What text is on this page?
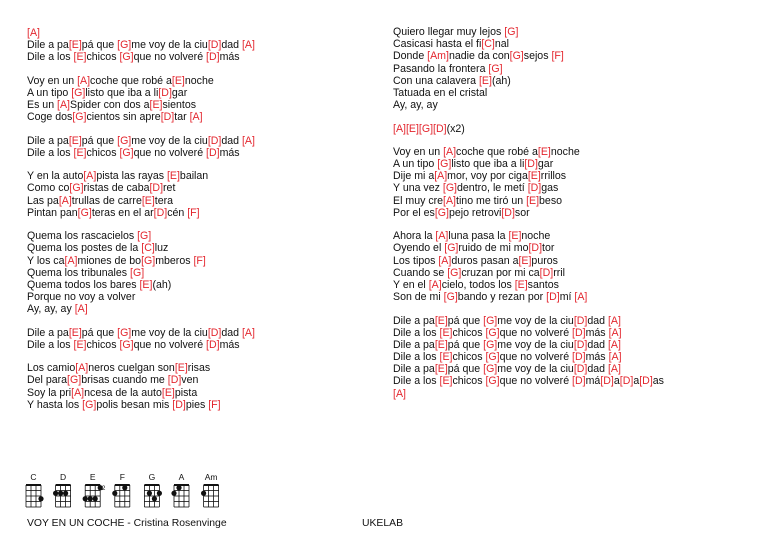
[A]
Dile a pa[E]pá que [G]me voy de la ciu[D]dad [A]
Dile a los [E]chicos [G]que no volveré [D]más
Voy en un [A]coche que robé a[E]noche
A un tipo [G]listo que iba a li[D]gar
Es un [A]Spider con dos a[E]sientos
Coge dos[G]cientos sin apre[D]tar [A]
Dile a pa[E]pá que [G]me voy de la ciu[D]dad [A]
Dile a los [E]chicos [G]que no volveré [D]más
Y en la auto[A]pista las rayas [E]bailan
Como co[G]ristas de caba[D]ret
Las pa[A]trullas de carre[E]tera
Pintan pan[G]teras en el ar[D]cén [F]
Quema los rascacielos [G]
Quema los postes de la [C]luz
Y los ca[A]miones de bo[G]mberos [F]
Quema los tribunales [G]
Quema todos los bares [E](ah)
Porque no voy a volver
Ay, ay, ay [A]
Dile a pa[E]pá que [G]me voy de la ciu[D]dad [A]
Dile a los [E]chicos [G]que no volveré [D]más
Los camio[A]neros cuelgan son[E]risas
Del para[G]brisas cuando me [D]ven
Soy la pri[A]ncesa de la auto[E]pista
Y hasta los [G]polis besan mis [D]pies [F]
Quiero llegar muy lejos [G]
Casicasi hasta el fi[C]nal
Donde [Am]nadie da con[G]sejos [F]
Pasando la frontera [G]
Con una calavera [E](ah)
Tatuada en el cristal
Ay, ay, ay
[A][E][G][D](x2)
Voy en un [A]coche que robé a[E]noche
A un tipo [G]listo que iba a li[D]gar
Dije mi a[A]mor, voy por ciga[E]rrillos
Y una vez [G]dentro, le metí [D]gas
El muy cre[A]tino me tiró un [E]beso
Por el es[G]pejo retrovi[D]sor
Ahora la [A]luna pasa la [E]noche
Oyendo el [G]ruido de mi mo[D]tor
Los tipos [A]duros pasan a[E]puros
Cuando se [G]cruzan por mi ca[D]rril
Y en el [A]cielo, todos los [E]santos
Son de mi [G]bando y rezan por [D]mí [A]
Dile a pa[E]pá que [G]me voy de la ciu[D]dad [A]
Dile a los [E]chicos [G]que no volveré [D]más [A]
Dile a pa[E]pá que [G]me voy de la ciu[D]dad [A]
Dile a los [E]chicos [G]que no volveré [D]más [A]
Dile a pa[E]pá que [G]me voy de la ciu[D]dad [A]
Dile a los [E]chicos [G]que no volveré [D]má[D]a[D]a[D]as
[A]
C	D	E
2
F	G	A Am
VOY EN UN COCHE - Cristina Rosenvinge	UKELAB
